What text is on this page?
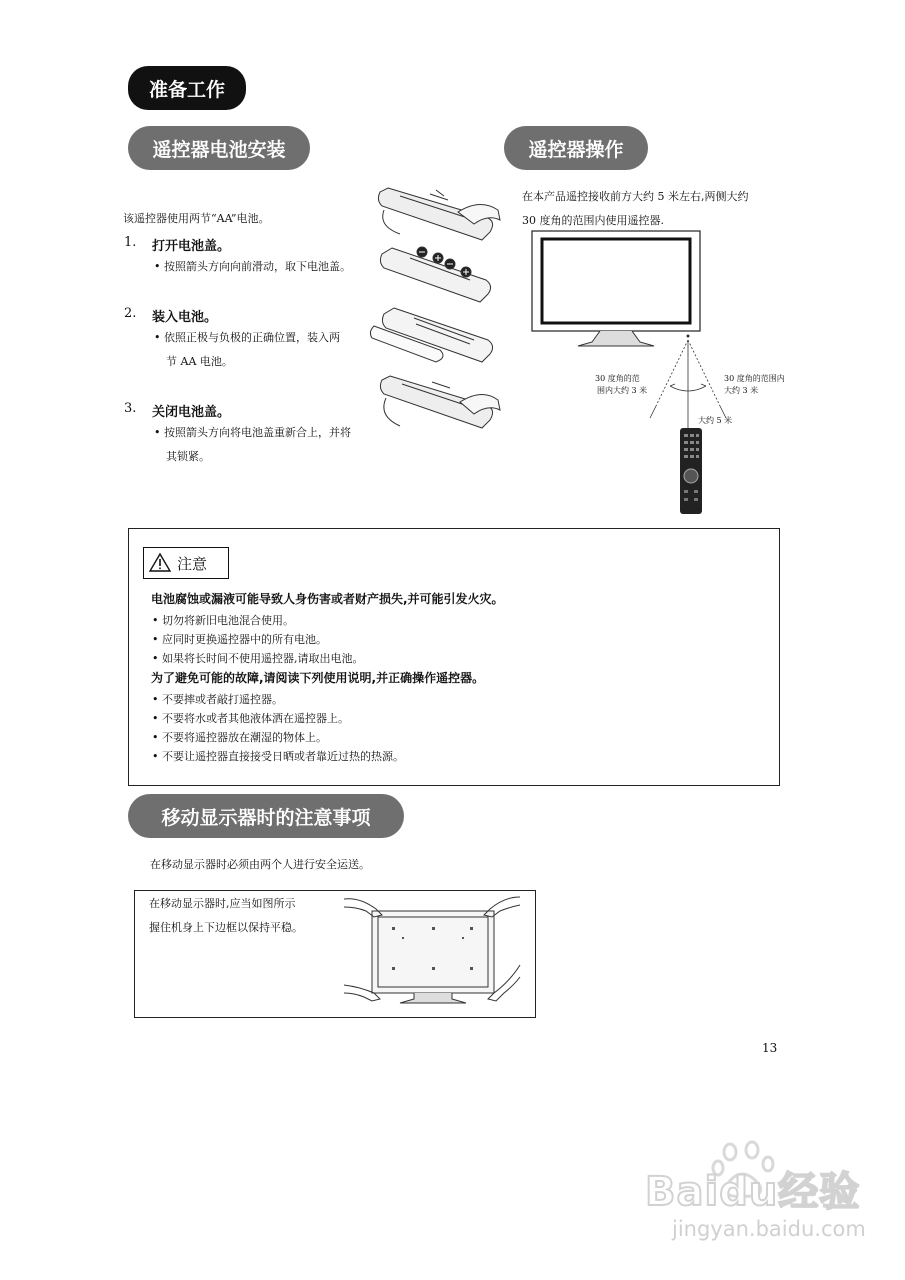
准备工作
遥控器电池安装
该遥控器使用两节“AA”电池。
1. 打开电池盖。
• 按照箭头方向向前滑动，取下电池盖。
2. 装入电池。
• 依照正极与负极的正确位置，装入两
节 AA 电池。
3. 关闭电池盖。
• 按照箭头方向将电池盖重新合上，并将
其锁紧。
遥控器操作
在本产品遥控接收前方大约 5 米左右,两侧大约
30 度角的范围内使用遥控器.
30 度角的范
围内大约 3 米
30 度角的范围内
大约 3 米
大约 5 米
注意
电池腐蚀或漏液可能导致人身伤害或者财产损失,并可能引发火灾。
• 切勿将新旧电池混合使用。
• 应同时更换遥控器中的所有电池。
• 如果将长时间不使用遥控器,请取出电池。
为了避免可能的故障,请阅读下列使用说明,并正确操作遥控器。
• 不要摔或者敲打遥控器。
• 不要将水或者其他液体洒在遥控器上。
• 不要将遥控器放在潮湿的物体上。
• 不要让遥控器直接接受日晒或者靠近过热的热源。
移动显示器时的注意事项
在移动显示器时必须由两个人进行安全运送。
在移动显示器时,应当如图所示
握住机身上下边框以保持平稳。
13
Baidu经验
jingyan.baidu.com
